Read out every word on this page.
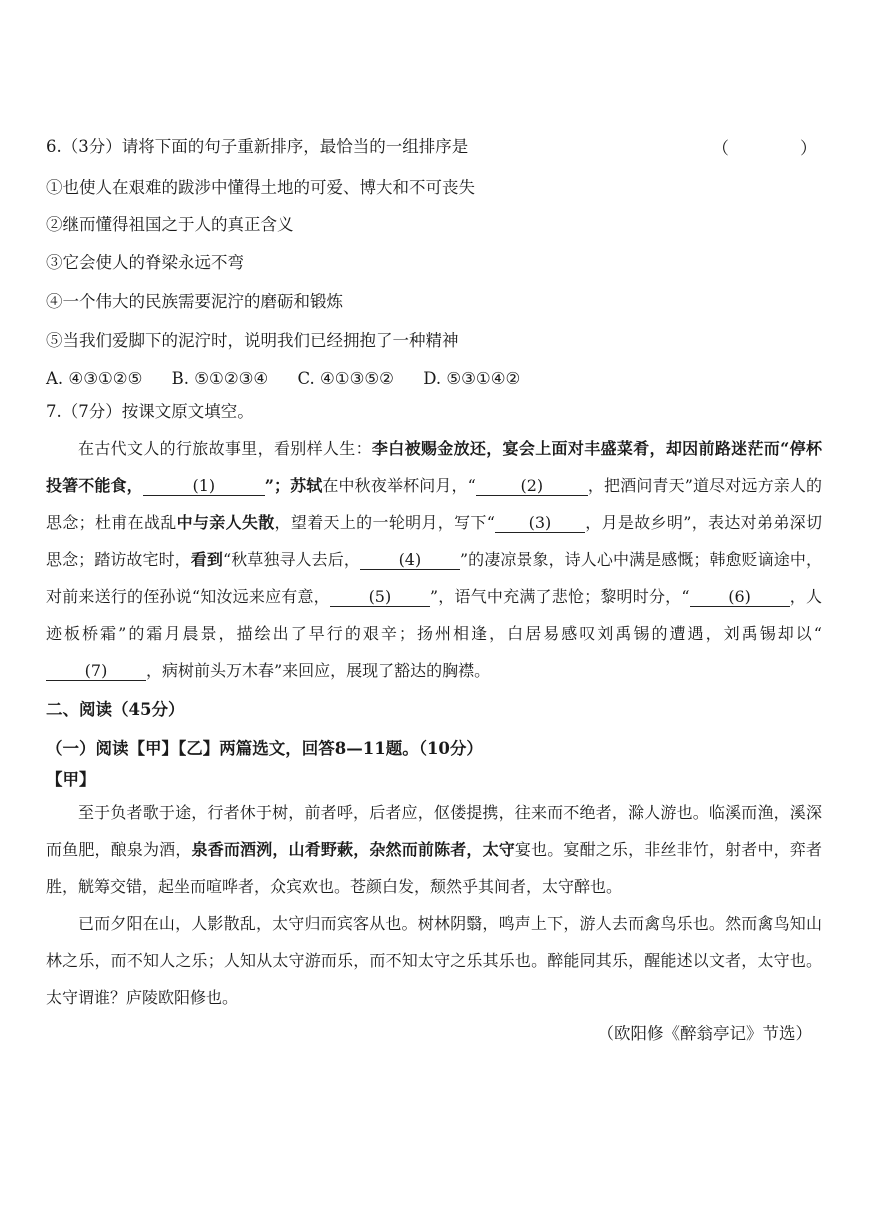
6.（3分）请将下面的句子重新排序，最恰当的一组排序是	（	）
①也使人在艰难的跋涉中懂得土地的可爱、博大和不可丧失
②继而懂得祖国之于人的真正含义
③它会使人的脊梁永远不弯
④一个伟大的民族需要泥泞的磨砺和锻炼
⑤当我们爱脚下的泥泞时，说明我们已经拥抱了一种精神
A. ④③①②⑤ B. ⑤①②③④ C. ④①③⑤② D. ⑤③①④②
7.（7分）按课文原文填空。
在古代文人的行旅故事里，看别样人生：李白被赐金放还，宴会上面对丰盛菜肴，却因前路迷茫而“停杯投箸不能食，	(1)	”；苏轼在中秋夜举杯问月，“	(2)	，把酒问青天”道尽对远方亲人的思念；杜甫在战乱中与亲人失散，望着天上的一轮明月，写下“ (3) ，月是故乡明”，表达对弟弟深切思念；踏访故宅时，看到“秋草独寻人去后， (4) ”的凄凉景象，诗人心中满是感慨；韩愈贬谪途中，对前来送行的侄孙说“知汝远来应有意， (5) ”，语气中充满了悲怆；黎明时分，“ (6) ，人迹板桥霜”的霜月晨景，描绘出了早行的艰辛；扬州相逢，白居易感叹刘禹锡的遭遇，刘禹锡却以“(7) ，病树前头万木春”来回应，展现了豁达的胸襟。
二、阅读（45分）
（一）阅读【甲】【乙】两篇选文，回答8—11题。（10分）
【甲】
至于负者歌于途，行者休于树，前者呼，后者应，伛偻提携，往来而不绝者，滁人游也。临溪而渔，溪深而鱼肥，酿泉为酒，泉香而酒洌，山肴野蔌，杂然而前陈者，太守宴也。宴酣之乐，非丝非竹，射者中，弈者胜，觥筹交错，起坐而喧哗者，众宾欢也。苍颜白发，颓然乎其间者，太守醉也。
已而夕阳在山，人影散乱，太守归而宾客从也。树林阴翳，鸣声上下，游人去而禽鸟乐也。然而禽鸟知山林之乐，而不知人之乐；人知从太守游而乐，而不知太守之乐其乐也。醉能同其乐，醒能述以文者，太守也。太守谓谁？庐陵欧阳修也。
（欧阳修《醉翁亭记》节选）
